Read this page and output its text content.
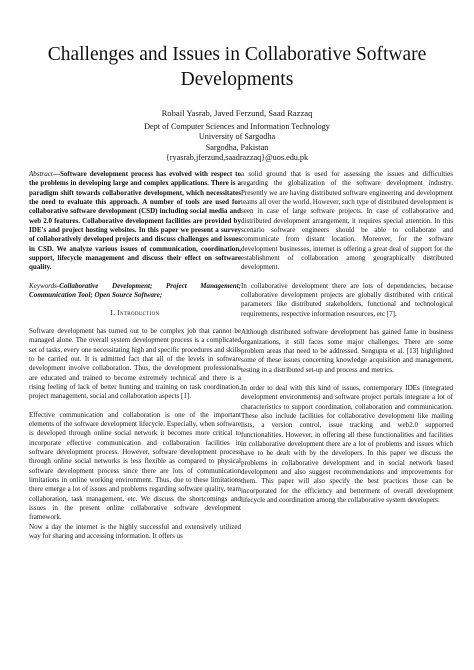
Challenges and Issues in Collaborative Software
Developments
Robail Yasrab, Javed Ferzund, Saad Razzaq
Dept of Computer Sciences and Information Technology
University of Sargodha
Sargodha, Pakistan
{ryasrab,jferzund,saadrazzaq}@uos.edu.pk

Abstract—Software development process has evolved with respect to the problems in developing large and complex applications. There is a paradigm shift towards collaborative development, which necessitates the need to evaluate this approach. A number of tools are used for collaborative software development (CSD) including social media and web 2.0 features. Collaborative development facilities are provided by IDE's and project hosting websites. In this paper we present a survey of collaboratively developed projects and discuss challenges and issues in CSD. We analyze various issues of communication, coordination, support, lifecycle management and discuss their effect on software quality.

Keywords-Collaborative Development; Project Management; Communication Tool; Open Source Software;

I. Introduction

Software development has turned out to be complex job that cannot be managed alone. The overall system development process is a complicated set of tasks, every one necessitating high and specific procedures and skills to be carried out. It is admitted fact that all of the levels in software development involve collaboration. Thus, the development professionals are educated and trained to become extremely technical and there is a rising feeling of lack of better hunting and training on task coordination, project management, social and collaboration aspects [1].

Effective communication and collaboration is one of the important elements of the software development lifecycle. Especially, when software is developed through online social network it becomes more critical to incorporate effective communication and collaboration facilities in software development process. However, software development process through online social networks is less flexible as compared to physical software development process since there are lots of communication limitations in online working environment. Thus, due to these limitations there emerge a lot of issues and problems regarding software quality, team collaboration, task management, etc. We discuss the shortcomings and issues in the present online collaborative software development framework.

Now a day the internet is the highly successful and extensively utilized way for sharing and accessing information. It offers us

a solid ground that is used for assessing the issues and difficulties regarding the globalization of the software development industry. Presently we are having distributed software engineering and development teams all over the world. However, such type of distributed development is seen in case of large software projects. In case of collaborative and distributed development arrangement, it requires special attention. In this scenario software engineers should be able to collaborate and communicate from distant location. Moreover, for the software development businesses, internet is offering a great deal of support for the establishment of collaboration among geographically distributed development.

In collaborative development there are lots of dependencies, because collaborative development projects are globally distributed with critical parameters like distributed stakeholders, functional and technological requirements, respective information resources, etc [7].

Although distributed software development has gained fame in business organizations, it still faces some major challenges. There are some problem areas that need to be addressed. Sengupta et al. [13] highlighted some of these issues concerning knowledge acquisition and management, testing in a distributed set-up and process and metrics.

In order to deal with this kind of issues, contemporary IDEs (integrated development environments) and software project portals integrate a lot of characteristics to support coordination, collaboration and communication. These also include facilities for collaborative development like mailing lists, a version control, issue tracking and web2.0 supported functionalities. However, in offering all these functionalities and facilities in collaborative development there are a lot of problems and issues which have to be dealt with by the developers. In this paper we discuss the problems in collaborative development and in social network based development and also suggest recommendations and improvements for them. This paper will also specify the best practices those can be incorporated for the efficiency and betterment of overall development lifecycle and coordination among the collaborative system developers.
